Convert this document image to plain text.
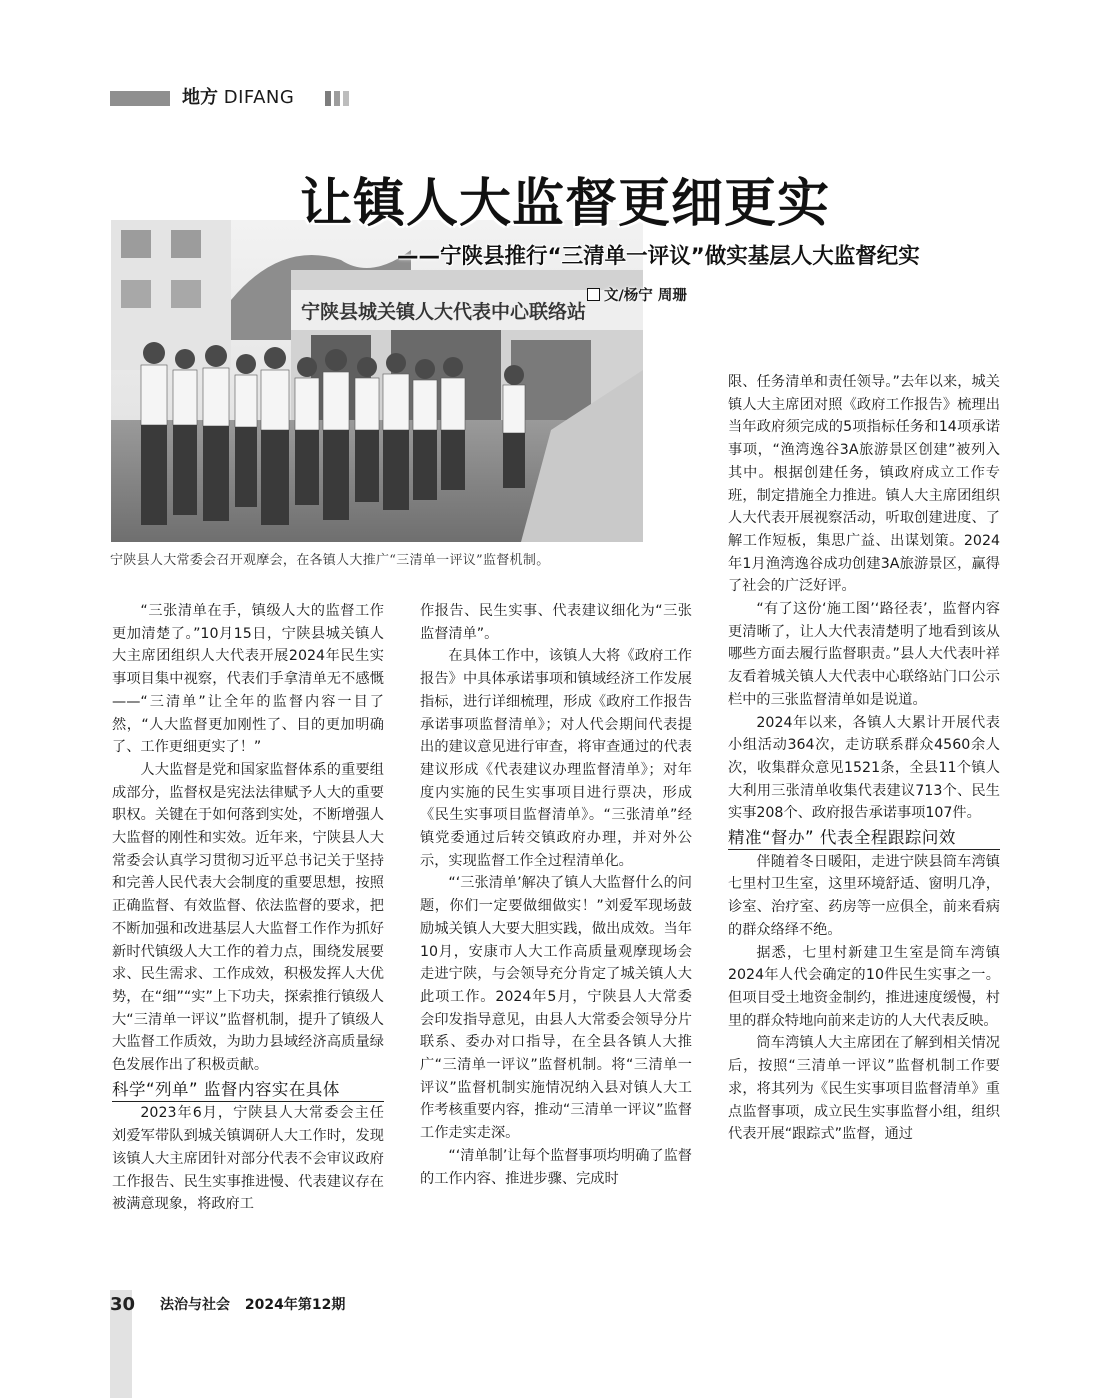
地方 DIFANG
宁陕县城关镇人大代表中心联络站
宁陕县人大常委会召开观摩会，在各镇人大推广“三清单一评议”监督机制。
让镇人大监督更细更实
——宁陕县推行“三清单一评议”做实基层人大监督纪实
文/杨宁 周珊

“三张清单在手，镇级人大的监督工作更加清楚了。”10月15日，宁陕县城关镇人大主席团组织人大代表开展2024年民生实事项目集中视察，代表们手拿清单无不感慨——“三清单”让全年的监督内容一目了然，“人大监督更加刚性了、目的更加明确了、工作更细更实了！”

人大监督是党和国家监督体系的重要组成部分，监督权是宪法法律赋予人大的重要职权。关键在于如何落到实处，不断增强人大监督的刚性和实效。近年来，宁陕县人大常委会认真学习贯彻习近平总书记关于坚持和完善人民代表大会制度的重要思想，按照正确监督、有效监督、依法监督的要求，把不断加强和改进基层人大监督工作作为抓好新时代镇级人大工作的着力点，围绕发展要求、民生需求、工作成效，积极发挥人大优势，在“细”“实”上下功夫，探索推行镇级人大“三清单一评议”监督机制，提升了镇级人大监督工作质效，为助力县域经济高质量绿色发展作出了积极贡献。

科学“列单” 监督内容实在具体

2023年6月，宁陕县人大常委会主任刘爱军带队到城关镇调研人大工作时，发现该镇人大主席团针对部分代表不会审议政府工作报告、民生实事推进慢、代表建议存在被满意现象，将政府工

作报告、民生实事、代表建议细化为“三张监督清单”。

在具体工作中，该镇人大将《政府工作报告》中具体承诺事项和镇域经济工作发展指标，进行详细梳理，形成《政府工作报告承诺事项监督清单》；对人代会期间代表提出的建议意见进行审查，将审查通过的代表建议形成《代表建议办理监督清单》；对年度内实施的民生实事项目进行票决，形成《民生实事项目监督清单》。“三张清单”经镇党委通过后转交镇政府办理，并对外公示，实现监督工作全过程清单化。

“‘三张清单’解决了镇人大监督什么的问题，你们一定要做细做实！”刘爱军现场鼓励城关镇人大要大胆实践，做出成效。当年10月，安康市人大工作高质量观摩现场会走进宁陕，与会领导充分肯定了城关镇人大此项工作。2024年5月，宁陕县人大常委会印发指导意见，由县人大常委会领导分片联系、委办对口指导，在全县各镇人大推广“三清单一评议”监督机制。将“三清单一评议”监督机制实施情况纳入县对镇人大工作考核重要内容，推动“三清单一评议”监督工作走实走深。

“‘清单制’让每个监督事项均明确了监督的工作内容、推进步骤、完成时

限、任务清单和责任领导。”去年以来，城关镇人大主席团对照《政府工作报告》梳理出当年政府须完成的5项指标任务和14项承诺事项，“渔湾逸谷3A旅游景区创建”被列入其中。根据创建任务，镇政府成立工作专班，制定措施全力推进。镇人大主席团组织人大代表开展视察活动，听取创建进度、了解工作短板，集思广益、出谋划策。2024年1月渔湾逸谷成功创建3A旅游景区，赢得了社会的广泛好评。

“有了这份‘施工图’‘路径表’，监督内容更清晰了，让人大代表清楚明了地看到该从哪些方面去履行监督职责。”县人大代表叶祥友看着城关镇人大代表中心联络站门口公示栏中的三张监督清单如是说道。

2024年以来，各镇人大累计开展代表小组活动364次，走访联系群众4560余人次，收集群众意见1521条，全县11个镇人大利用三张清单收集代表建议713个、民生实事208个、政府报告承诺事项107件。

精准“督办” 代表全程跟踪问效

伴随着冬日暖阳，走进宁陕县筒车湾镇七里村卫生室，这里环境舒适、窗明几净，诊室、治疗室、药房等一应俱全，前来看病的群众络绎不绝。

据悉，七里村新建卫生室是筒车湾镇2024年人代会确定的10件民生实事之一。但项目受土地资金制约，推进速度缓慢，村里的群众特地向前来走访的人大代表反映。

筒车湾镇人大主席团在了解到相关情况后，按照“三清单一评议”监督机制工作要求，将其列为《民生实事项目监督清单》重点监督事项，成立民生实事监督小组，组织代表开展“跟踪式”监督，通过

30 法治与社会 2024年第12期
